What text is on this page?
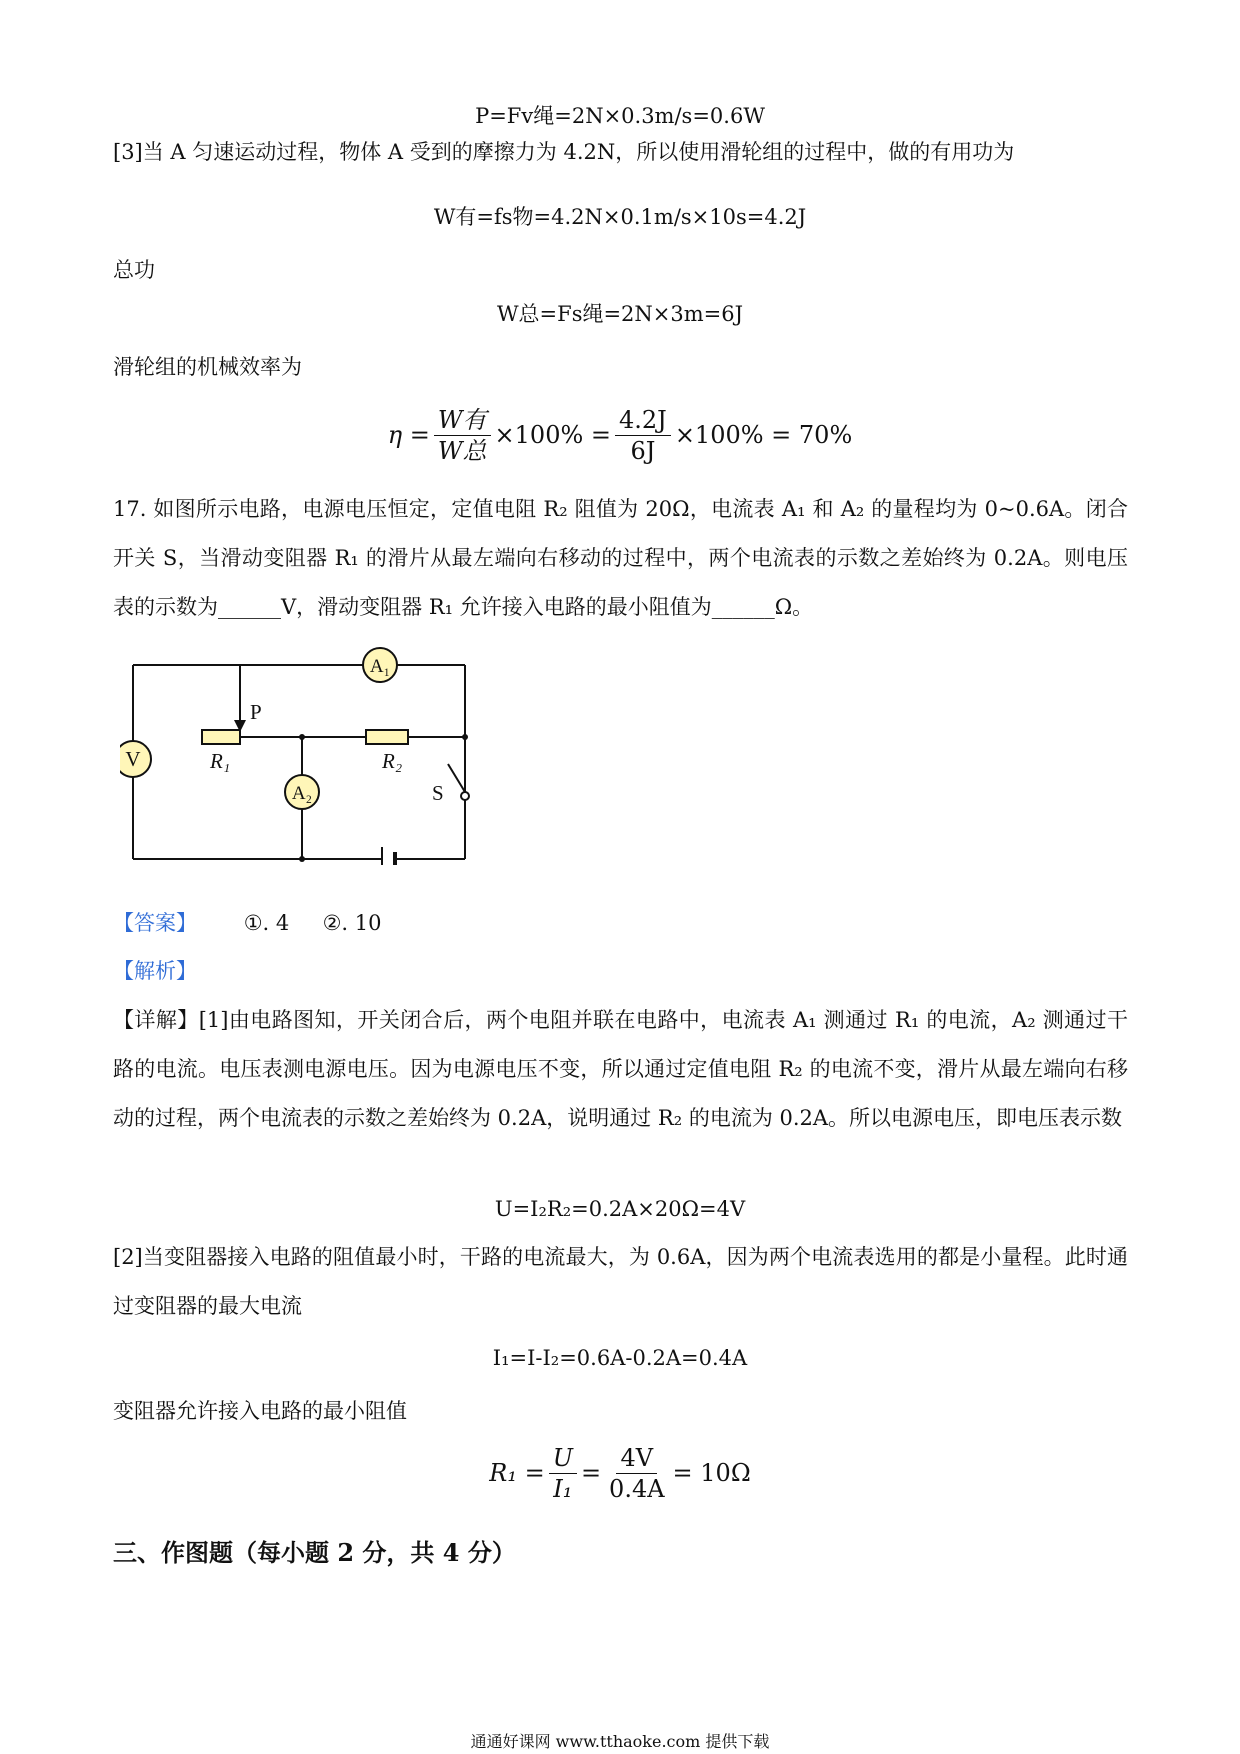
P=Fv绳=2N×0.3m/s=0.6W
[3]当 A 匀速运动过程，物体 A 受到的摩擦力为 4.2N，所以使用滑轮组的过程中，做的有用功为
W有=fs物=4.2N×0.1m/s×10s=4.2J
总功
W总=Fs绳=2N×3m=6J
滑轮组的机械效率为
$\eta = \frac{\text{W有}}{\text{W总}} \times 100\% = \frac{4.2J}{6J} \times 100\% = 70\%$
17. 如图所示电路，电源电压恒定，定值电阻 R₂ 阻值为 20Ω，电流表 A₁ 和 A₂ 的量程均为 0~0.6A。闭合开关 S，当滑动变阻器 R₁ 的滑片从最左端向右移动的过程中，两个电流表的示数之差始终为 0.2A。则电压表的示数为______V，滑动变阻器 R₁ 允许接入电路的最小阻值为______Ω。
V
A₁
A₂
P
R₁	R₂
S
【答案】 ①. 4     ②. 10
【解析】
【详解】[1]由电路图知，开关闭合后，两个电阻并联在电路中，电流表 A₁ 测通过 R₁ 的电流，A₂ 测通过干路的电流。电压表测电源电压。因为电源电压不变，所以通过定值电阻 R₂ 的电流不变，滑片从最左端向右移动的过程，两个电流表的示数之差始终为 0.2A，说明通过 R₂ 的电流为 0.2A。所以电源电压，即电压表示数
U=I₂R₂=0.2A×20Ω=4V
[2]当变阻器接入电路的阻值最小时，干路的电流最大，为 0.6A，因为两个电流表选用的都是小量程。此时通过变阻器的最大电流
I₁=I-I₂=0.6A-0.2A=0.4A
变阻器允许接入电路的最小阻值
$R_1 = \frac{U}{\text{I₁}} = \frac{4V}{0.4A} = 10\Omega$
三、作图题（每小题 2 分，共 4 分）
通通好课网 www.tthaoke.com 提供下载
